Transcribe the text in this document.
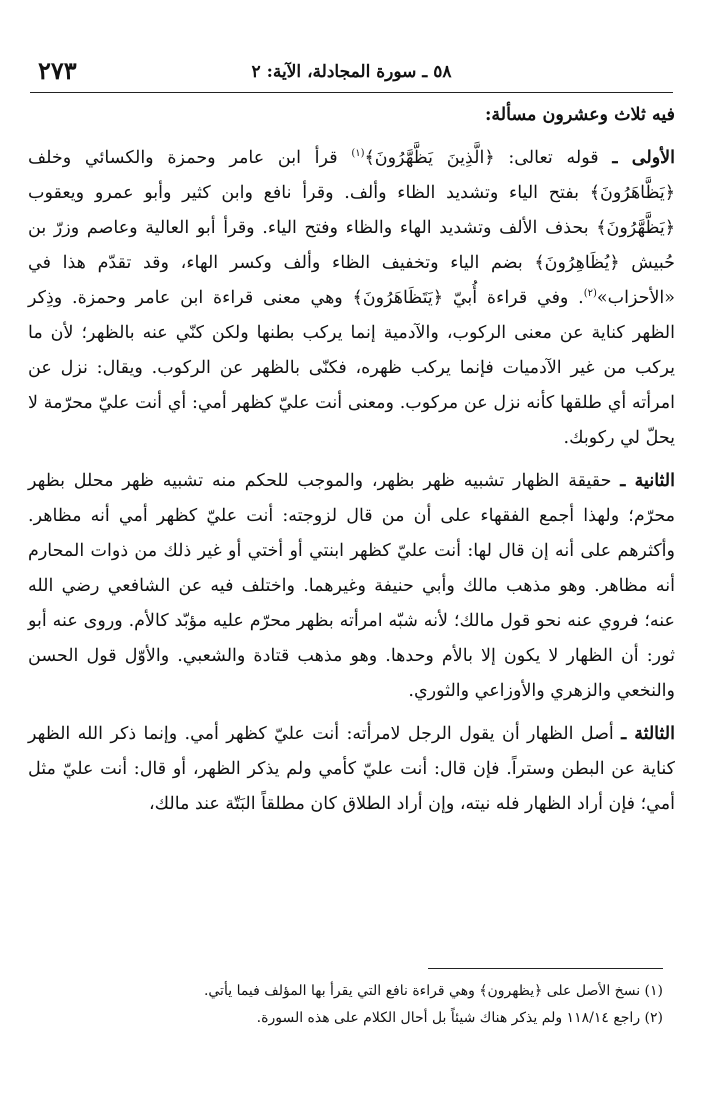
٥٨ ـ سورة المجادلة، الآية: ٢
٢٧٣

فيه ثلاث وعشرون مسألة:

الأولى ـ قوله تعالى: ﴿الَّذِينَ يَظَّهَّرُونَ﴾$^{(١)}$ قرأ ابن عامر وحمزة والكسائي وخلف ﴿يَظَّاهَرُونَ﴾ بفتح الياء وتشديد الظاء وألف. وقرأ نافع وابن كثير وأبو عمرو ويعقوب ﴿يَظَّهَّرُونَ﴾ بحذف الألف وتشديد الهاء والظاء وفتح الياء. وقرأ أبو العالية وعاصم وزرّ بن حُبيش ﴿يُظَاهِرُونَ﴾ بضم الياء وتخفيف الظاء وألف وكسر الهاء، وقد تقدّم هذا في «الأحزاب»$^{(٢)}$. وفي قراءة أُبيّ ﴿يَتَظَاهَرُونَ﴾ وهي معنى قراءة ابن عامر وحمزة. وذِكر الظهر كناية عن معنى الركوب، والآدمية إنما يركب بطنها ولكن كنّي عنه بالظهر؛ لأن ما يركب من غير الآدميات فإنما يركب ظهره، فكنّى بالظهر عن الركوب. ويقال: نزل عن امرأته أي طلقها كأنه نزل عن مركوب. ومعنى أنت عليّ كظهر أمي: أي أنت عليّ محرّمة لا يحلّ لي ركوبك.

الثانية ـ حقيقة الظهار تشبيه ظهر بظهر، والموجب للحكم منه تشبيه ظهر محلل بظهر محرّم؛ ولهذا أجمع الفقهاء على أن من قال لزوجته: أنت عليّ كظهر أمي أنه مظاهر. وأكثرهم على أنه إن قال لها: أنت عليّ كظهر ابنتي أو أختي أو غير ذلك من ذوات المحارم أنه مظاهر. وهو مذهب مالك وأبي حنيفة وغيرهما. واختلف فيه عن الشافعي رضي الله عنه؛ فروي عنه نحو قول مالك؛ لأنه شبّه امرأته بظهر محرّم عليه مؤبّد كالأم. وروى عنه أبو ثور: أن الظهار لا يكون إلا بالأم وحدها. وهو مذهب قتادة والشعبي. والأوّل قول الحسن والنخعي والزهري والأوزاعي والثوري.

الثالثة ـ أصل الظهار أن يقول الرجل لامرأته: أنت عليّ كظهر أمي. وإنما ذكر الله الظهر كناية عن البطن وستراً. فإن قال: أنت عليّ كأمي ولم يذكر الظهر، أو قال: أنت عليّ مثل أمي؛ فإن أراد الظهار فله نيته، وإن أراد الطلاق كان مطلقاً البَتّة عند مالك،

(١) نسخ الأصل على ﴿يظهرون﴾ وهي قراءة نافع التي يقرأ بها المؤلف فيما يأتي.
(٢) راجع ١١٨/١٤ ولم يذكر هناك شيئاً بل أحال الكلام على هذه السورة.
